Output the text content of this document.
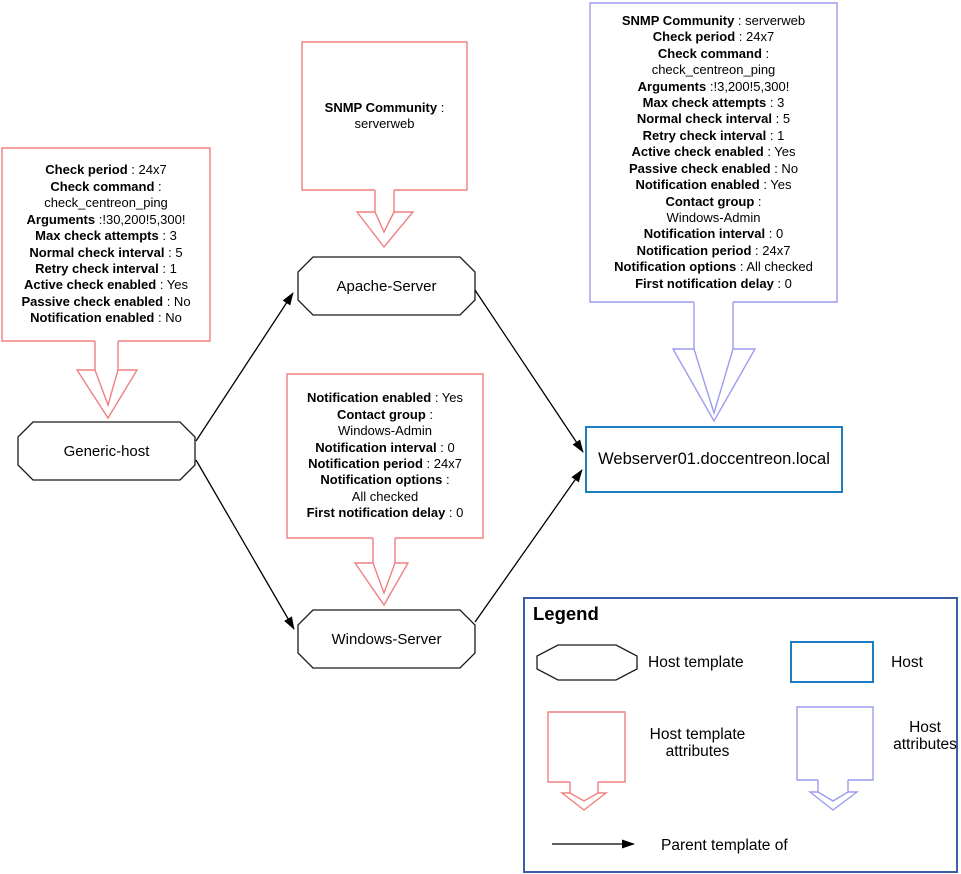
Check period : 24x7
Check command :
check_centreon_ping
Arguments :!30,200!5,300!
Max check attempts : 3
Normal check interval : 5
Retry check interval : 1
Active check enabled : Yes
Passive check enabled : No
Notification enabled : No
SNMP Community :
serverweb
SNMP Community : serverweb
Check period : 24x7
Check command :
check_centreon_ping
Arguments :!3,200!5,300!
Max check attempts : 3
Normal check interval : 5
Retry check interval : 1
Active check enabled : Yes
Passive check enabled : No
Notification enabled : Yes
Contact group :
Windows-Admin
Notification interval : 0
Notification period : 24x7
Notification options : All checked
First notification delay : 0
Notification enabled : Yes
Contact group :
Windows-Admin
Notification interval : 0
Notification period : 24x7
Notification options :
All checked
First notification delay : 0
Apache-Server
Generic-host
Windows-Server
Webserver01.doccentreon.local
Legend
Host template	Host
Host template attributes
Host attributes
Parent template of
